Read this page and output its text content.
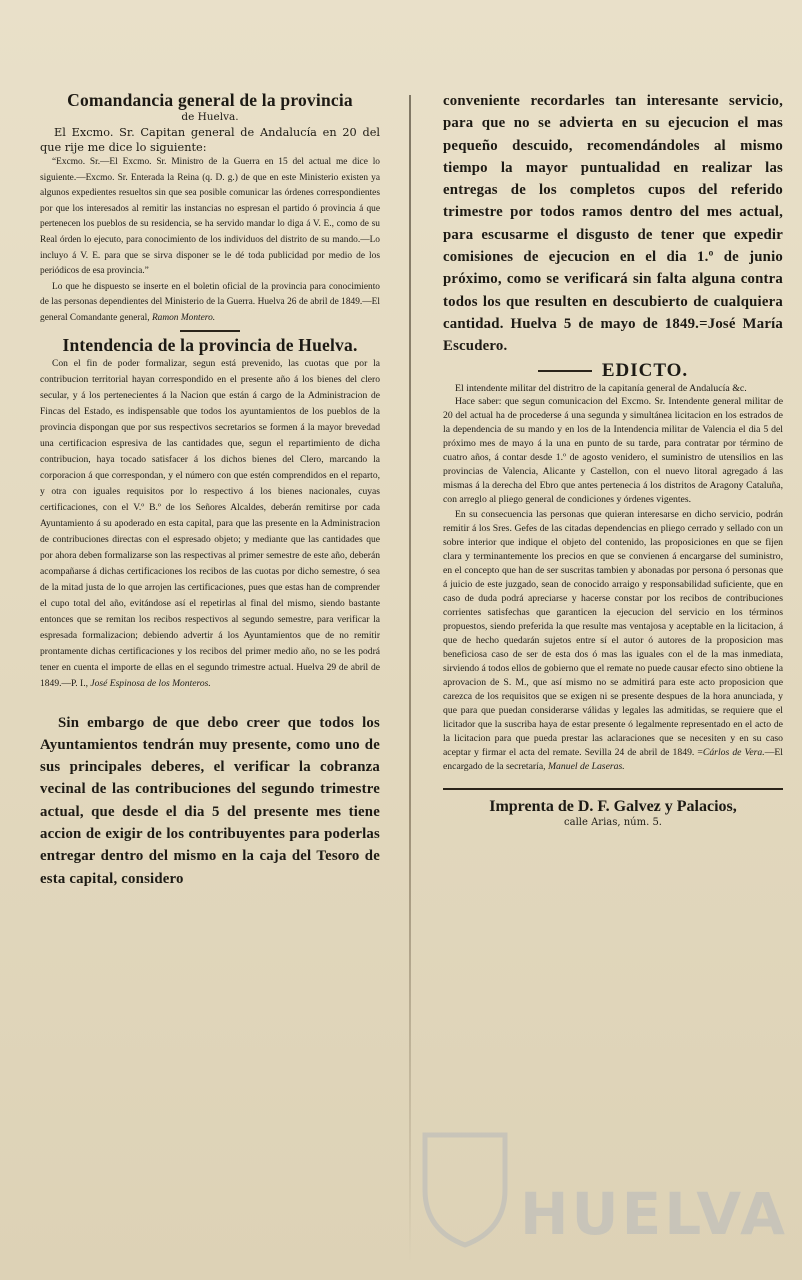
Comandancia general de la provincia

de Huelva.

El Excmo. Sr. Capitan general de Andalucía en 20 del que rije me dice lo siguiente:

“Excmo. Sr.—El Excmo. Sr. Ministro de la Guerra en 15 del actual me dice lo siguiente.—Excmo. Sr. Enterada la Reina (q. D. g.) de que en este Ministerio existen ya algunos expedientes resueltos sin que sea posible comunicar las órdenes correspondientes por que los interesados al remitir las instancias no espresan el partido ó provincia á que pertenecen los pueblos de su residencia, se ha servido mandar lo diga á V. E., como de su Real órden lo ejecuto, para conocimiento de los individuos del distrito de su mando.—Lo incluyo á V. E. para que se sirva disponer se le dé toda publicidad por medio de los periódicos de esa provincia.”

Lo que he dispuesto se inserte en el boletin oficial de la provincia para conocimiento de las personas dependientes del Ministerio de la Guerra. Huelva 26 de abril de 1849.—El general Comandante general, Ramon Montero.

Intendencia de la provincia de Huelva.

Con el fin de poder formalizar, segun está prevenido, las cuotas que por la contribucion territorial hayan correspondido en el presente año á los bienes del clero secular, y á los pertenecientes á la Nacion que están á cargo de la Administracion de Fincas del Estado, es indispensable que todos los ayuntamientos de los pueblos de la provincia dispongan que por sus respectivos secretarios se formen á la mayor brevedad una certificacion espresiva de las cantidades que, segun el repartimiento de dicha contribucion, haya tocado satisfacer á los dichos bienes del Clero, marcando la corporacion á que correspondan, y el número con que estén comprendidos en el reparto, y otra con iguales requisitos por lo respectivo á los bienes nacionales, cuyas certificaciones, con el V.º B.º de los Señores Alcaldes, deberán remitirse por cada Ayuntamiento á su apoderado en esta capital, para que las presente en la Administracion de contribuciones directas con el espresado objeto; y mediante que las cantidades que por ahora deben formalizarse son las respectivas al primer semestre de este año, deberán acompañarse á dichas certificaciones los recibos de las cuotas por dicho semestre, ó sea de la mitad justa de lo que arrojen las certificaciones, pues que estas han de comprender el cupo total del año, evitándose así el repetirlas al final del mismo, siendo bastante entonces que se remitan los recibos respectivos al segundo semestre, para verificar la espresada formalizacion; debiendo advertir á los Ayuntamientos que de no remitir prontamente dichas certificaciones y los recibos del primer medio año, no se les podrá tener en cuenta el importe de ellas en el segundo trimestre actual. Huelva 29 de abril de 1849.—P. I., José Espinosa de los Monteros.

Sin embargo de que debo creer que todos los Ayuntamientos tendrán muy presente, como uno de sus principales deberes, el verificar la cobranza vecinal de las contribuciones del segundo trimestre actual, que desde el dia 5 del presente mes tiene accion de exigir de los contribuyentes para poderlas entregar dentro del mismo en la caja del Tesoro de esta capital, considero

conveniente recordarles tan interesante servicio, para que no se advierta en su ejecucion el mas pequeño descuido, recomendándoles al mismo tiempo la mayor puntualidad en realizar las entregas de los completos cupos del referido trimestre por todos ramos dentro del mes actual, para escusarme el disgusto de tener que expedir comisiones de ejecucion en el dia 1.º de junio próximo, como se verificará sin falta alguna contra todos los que resulten en descubierto de cualquiera cantidad. Huelva 5 de mayo de 1849.=José María Escudero.

EDICTO.

El intendente militar del distritro de la capitanía general de Andalucía &c.

Hace saber: que segun comunicacion del Excmo. Sr. Intendente general militar de 20 del actual ha de procederse á una segunda y simultánea licitacion en los estrados de la dependencia de su mando y en los de la Intendencia militar de Valencia el dia 5 del próximo mes de mayo á la una en punto de su tarde, para contratar por término de cuatro años, á contar desde 1.º de agosto venidero, el suministro de utensilios en las provincias de Valencia, Alicante y Castellon, con el nuevo litoral agregado á las mismas á la derecha del Ebro que antes pertenecia á los distritos de Aragony Cataluña, con arreglo al pliego general de condiciones y órdenes vigentes.

En su consecuencia las personas que quieran interesarse en dicho servicio, podrán remitir á los Sres. Gefes de las citadas dependencias en pliego cerrado y sellado con un sobre interior que indique el objeto del contenido, las proposiciones en que se fijen clara y terminantemente los precios en que se convienen á encargarse del suministro, en el concepto que han de ser suscritas tambien y abonadas por persona ó personas que á juicio de este juzgado, sean de conocido arraigo y responsabilidad suficiente, que en caso de duda podrá apreciarse y hacerse constar por los recibos de contribuciones corrientes satisfechas que garanticen la ejecucion del servicio en los términos propuestos, siendo preferida la que resulte mas ventajosa y aceptable en la licitacion, á que de hecho quedarán sujetos entre sí el autor ó autores de la proposicion mas beneficiosa caso de ser de esta dos ó mas las iguales con el de la mas inmediata, sirviendo á todos ellos de gobierno que el remate no puede causar efecto sino obtiene la aprovacion de S. M., que así mismo no se admitirá para este acto proposicion que carezca de los requisitos que se exigen ni se presente despues de la hora anunciada, y que para que puedan considerarse válidas y legales las admitidas, se requiere que el licitador que la suscriba haya de estar presente ó legalmente representado en el acto de la licitacion para que pueda prestar las aclaraciones que se necesiten y en su caso aceptar y firmar el acta del remate. Sevilla 24 de abril de 1849. =Cárlos de Vera.—El encargado de la secretaría, Manuel de Laseras.

Imprenta de D. F. Galvez y Palacios,

calle Arias, núm. 5.

HUELVA
